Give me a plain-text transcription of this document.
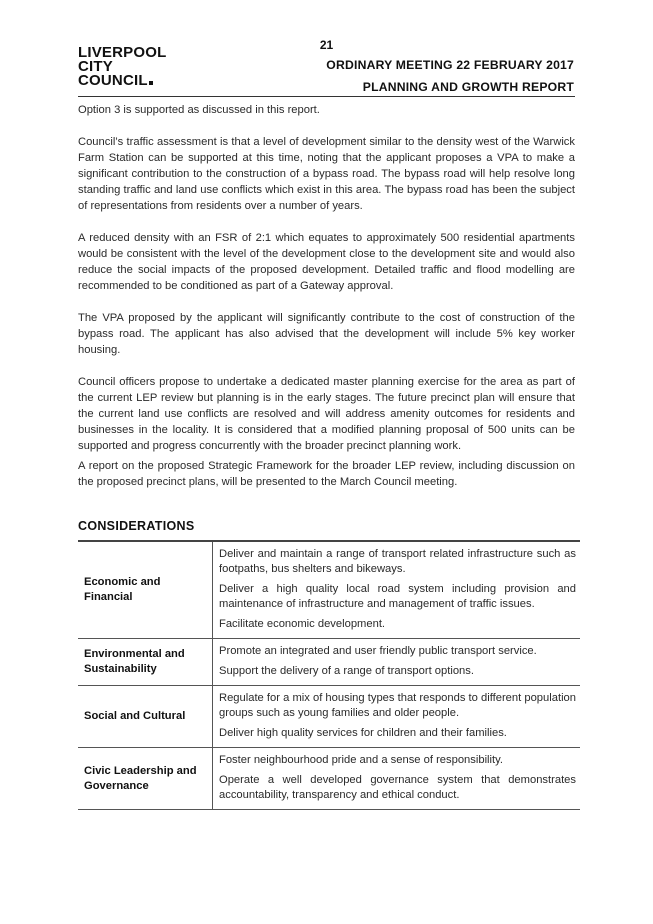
21
LIVERPOOL
CITY
COUNCIL
ORDINARY MEETING 22 FEBRUARY 2017
PLANNING AND GROWTH REPORT

Option 3 is supported as discussed in this report.

Council’s traffic assessment is that a level of development similar to the density west of the Warwick Farm Station can be supported at this time, noting that the applicant proposes a VPA to make a significant contribution to the construction of a bypass road. The bypass road will help resolve long standing traffic and land use conflicts which exist in this area. The bypass road has been the subject of representations from residents over a number of years.

A reduced density with an FSR of 2:1 which equates to approximately 500 residential apartments would be consistent with the level of the development close to the development site and would also reduce the social impacts of the proposed development. Detailed traffic and flood modelling are recommended to be conditioned as part of a Gateway approval.

The VPA proposed by the applicant will significantly contribute to the cost of construction of the bypass road. The applicant has also advised that the development will include 5% key worker housing.

Council officers propose to undertake a dedicated master planning exercise for the area as part of the current LEP review but planning is in the early stages. The future precinct plan will ensure that the current land use conflicts are resolved and will address amenity outcomes for residents and businesses in the locality. It is considered that a modified planning proposal of 500 units can be supported and progress concurrently with the broader precinct planning work.

A report on the proposed Strategic Framework for the broader LEP review, including discussion on the proposed precinct plans, will be presented to the March Council meeting.

CONSIDERATIONS
Economic and Financial	Deliver and maintain a range of transport related infrastructure such as footpaths, bus shelters and bikeways.

Deliver a high quality local road system including provision and maintenance of infrastructure and management of traffic issues.

Facilitate economic development.

Environmental and Sustainability	Promote an integrated and user friendly public transport service.

Support the delivery of a range of transport options.

Social and Cultural	Regulate for a mix of housing types that responds to different population groups such as young families and older people.

Deliver high quality services for children and their families.

Civic Leadership and Governance	Foster neighbourhood pride and a sense of responsibility.

Operate a well developed governance system that demonstrates accountability, transparency and ethical conduct.
